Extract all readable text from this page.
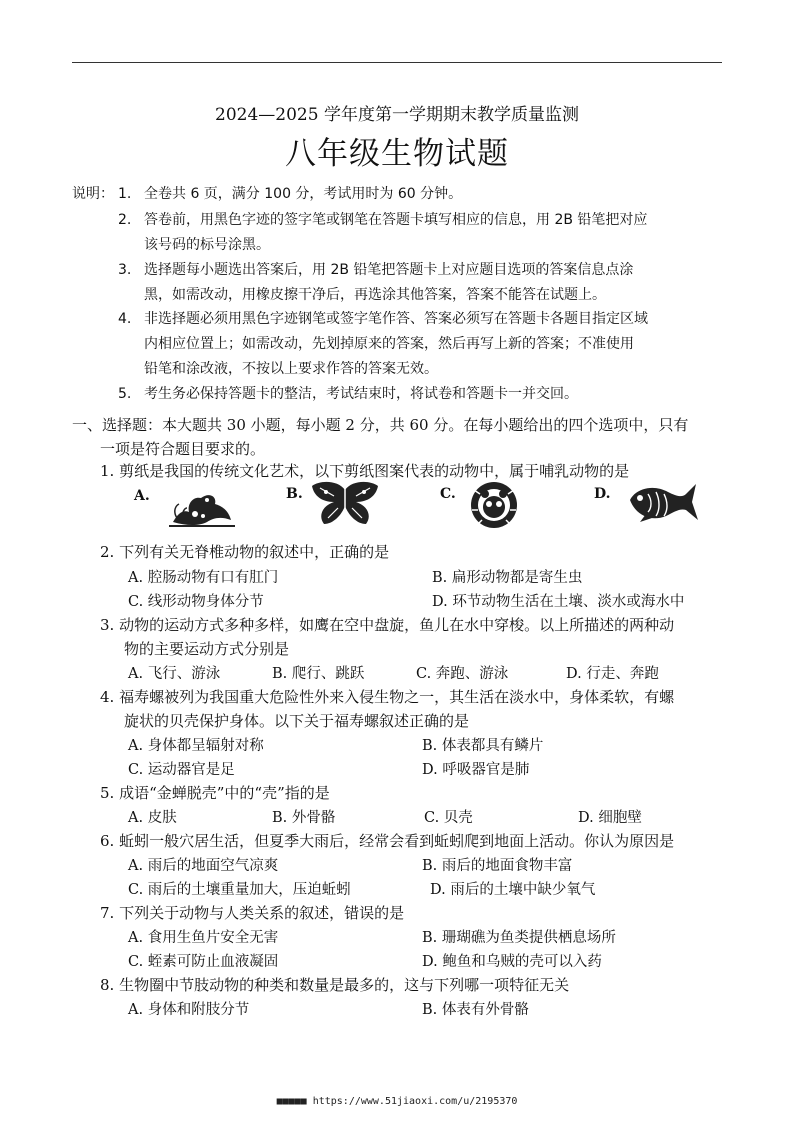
2024—2025 学年度第一学期期末教学质量监测
八年级生物试题
说明： 1. 全卷共 6 页，满分 100 分，考试用时为 60 分钟。
2. 答卷前，用黑色字迹的签字笔或钢笔在答题卡填写相应的信息，用 2B 铅笔把对应
该号码的标号涂黑。
3. 选择题每小题选出答案后，用 2B 铅笔把答题卡上对应题目选项的答案信息点涂
黑，如需改动，用橡皮擦干净后，再选涂其他答案，答案不能答在试题上。
4. 非选择题必须用黑色字迹钢笔或签字笔作答、答案必须写在答题卡各题目指定区域
内相应位置上；如需改动，先划掉原来的答案，然后再写上新的答案；不准使用
铅笔和涂改液，不按以上要求作答的答案无效。
5. 考生务必保持答题卡的整洁，考试结束时，将试卷和答题卡一并交回。
一、选择题：本大题共 30 小题，每小题 2 分，共 60 分。在每小题给出的四个选项中，只有
一项是符合题目要求的。
1. 剪纸是我国的传统文化艺术，以下剪纸图案代表的动物中，属于哺乳动物的是
A.	B.	C.	D.
2. 下列有关无脊椎动物的叙述中，正确的是
A. 腔肠动物有口有肛门	B. 扁形动物都是寄生虫
C. 线形动物身体分节	D. 环节动物生活在土壤、淡水或海水中
3. 动物的运动方式多种多样，如鹰在空中盘旋，鱼儿在水中穿梭。以上所描述的两种动
物的主要运动方式分别是
A. 飞行、游泳	B. 爬行、跳跃	C. 奔跑、游泳	D. 行走、奔跑
4. 福寿螺被列为我国重大危险性外来入侵生物之一，其生活在淡水中，身体柔软，有螺
旋状的贝壳保护身体。以下关于福寿螺叙述正确的是
A. 身体都呈辐射对称	B. 体表都具有鳞片
C. 运动器官是足	D. 呼吸器官是肺
5. 成语“金蝉脱壳”中的“壳”指的是
A. 皮肤	B. 外骨骼	C. 贝壳	D. 细胞壁
6. 蚯蚓一般穴居生活，但夏季大雨后，经常会看到蚯蚓爬到地面上活动。你认为原因是
A. 雨后的地面空气凉爽	B. 雨后的地面食物丰富
C. 雨后的土壤重量加大，压迫蚯蚓	D. 雨后的土壤中缺少氧气
7. 下列关于动物与人类关系的叙述，错误的是
A. 食用生鱼片安全无害	B. 珊瑚礁为鱼类提供栖息场所
C. 蛭素可防止血液凝固	D. 鲍鱼和乌贼的壳可以入药
8. 生物圈中节肢动物的种类和数量是最多的，这与下列哪一项特征无关
A. 身体和附肢分节	B. 体表有外骨骼
■■■■■ https://www.51jiaoxi.com/u/2195370
